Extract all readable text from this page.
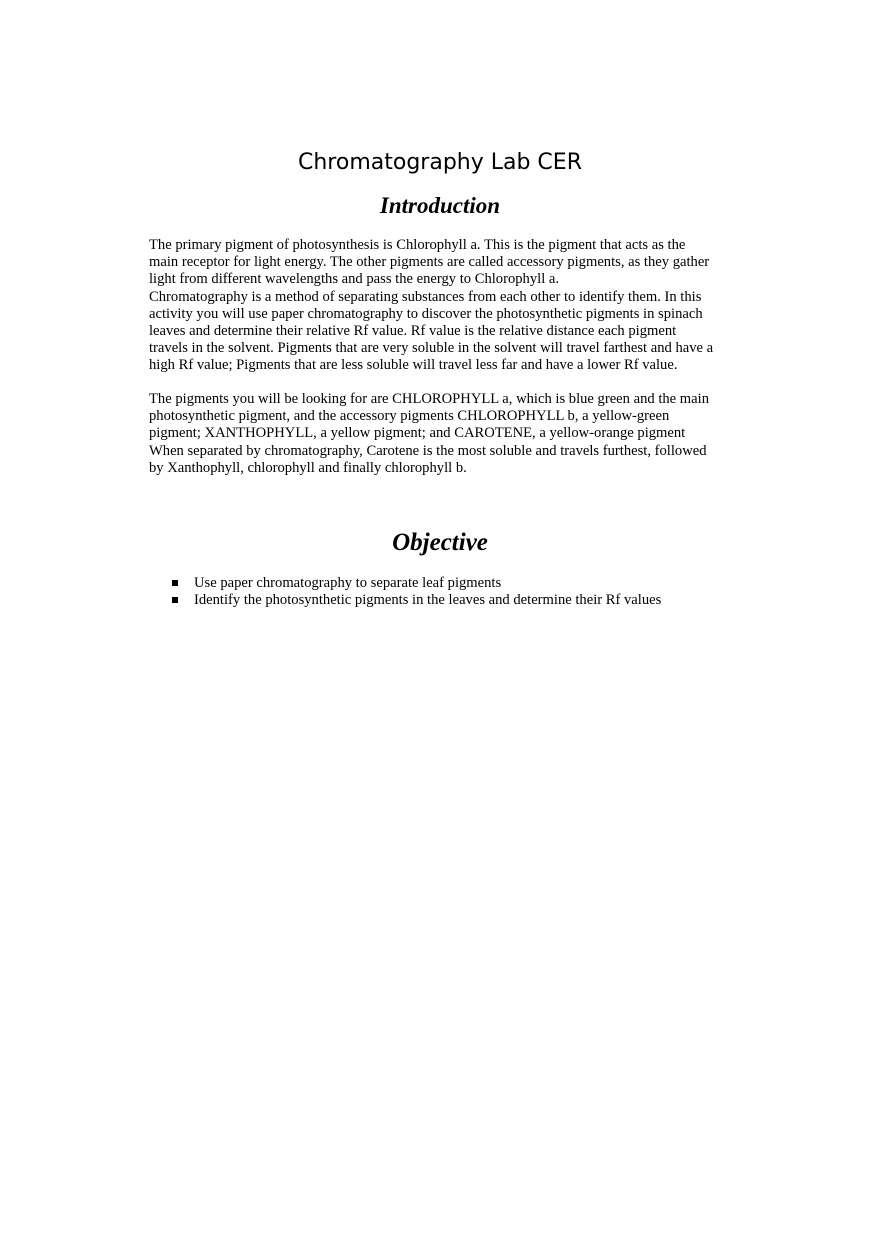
Chromatography Lab CER
Introduction
The primary pigment of photosynthesis is Chlorophyll a. This is the pigment that acts as the
main receptor for light energy. The other pigments are called accessory pigments, as they gather
light from different wavelengths and pass the energy to Chlorophyll a.
Chromatography is a method of separating substances from each other to identify them. In this
activity you will use paper chromatography to discover the photosynthetic pigments in spinach
leaves and determine their relative Rf value. Rf value is the relative distance each pigment
travels in the solvent. Pigments that are very soluble in the solvent will travel farthest and have a
high Rf value; Pigments that are less soluble will travel less far and have a lower Rf value.
The pigments you will be looking for are CHLOROPHYLL a, which is blue green and the main
photosynthetic pigment, and the accessory pigments CHLOROPHYLL b, a yellow-green
pigment; XANTHOPHYLL, a yellow pigment; and CAROTENE, a yellow-orange pigment
When separated by chromatography, Carotene is the most soluble and travels furthest, followed
by Xanthophyll, chlorophyll and finally chlorophyll b.
Objective
Use paper chromatography to separate leaf pigments
Identify the photosynthetic pigments in the leaves and determine their Rf values
